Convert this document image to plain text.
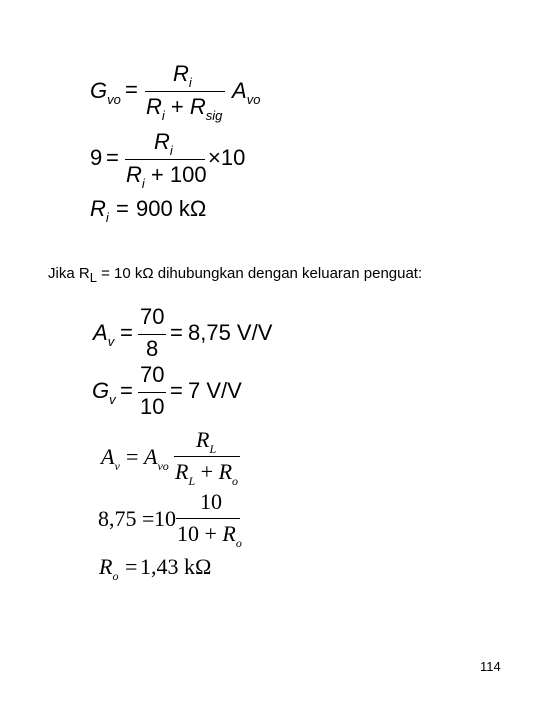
$G_{vo}$ =
$R_i$
$R_i + R_{sig}$
$A_{vo}$
9 =
$R_i$
$R_i + 100$
×10
$R_i = 900$ kΩ
Jika RL = 10 kΩ dihubungkan dengan keluaran penguat:
$A_v$ =
70
8
= 8,75 V/V
$G_v$ =
70
10
= 7 V/V
$A_v = A_{vo}$
$R_L$
$R_L + R_o$
8,75 = 10
10
$10 + R_o$
$R_o = 1,43$ kΩ
114
